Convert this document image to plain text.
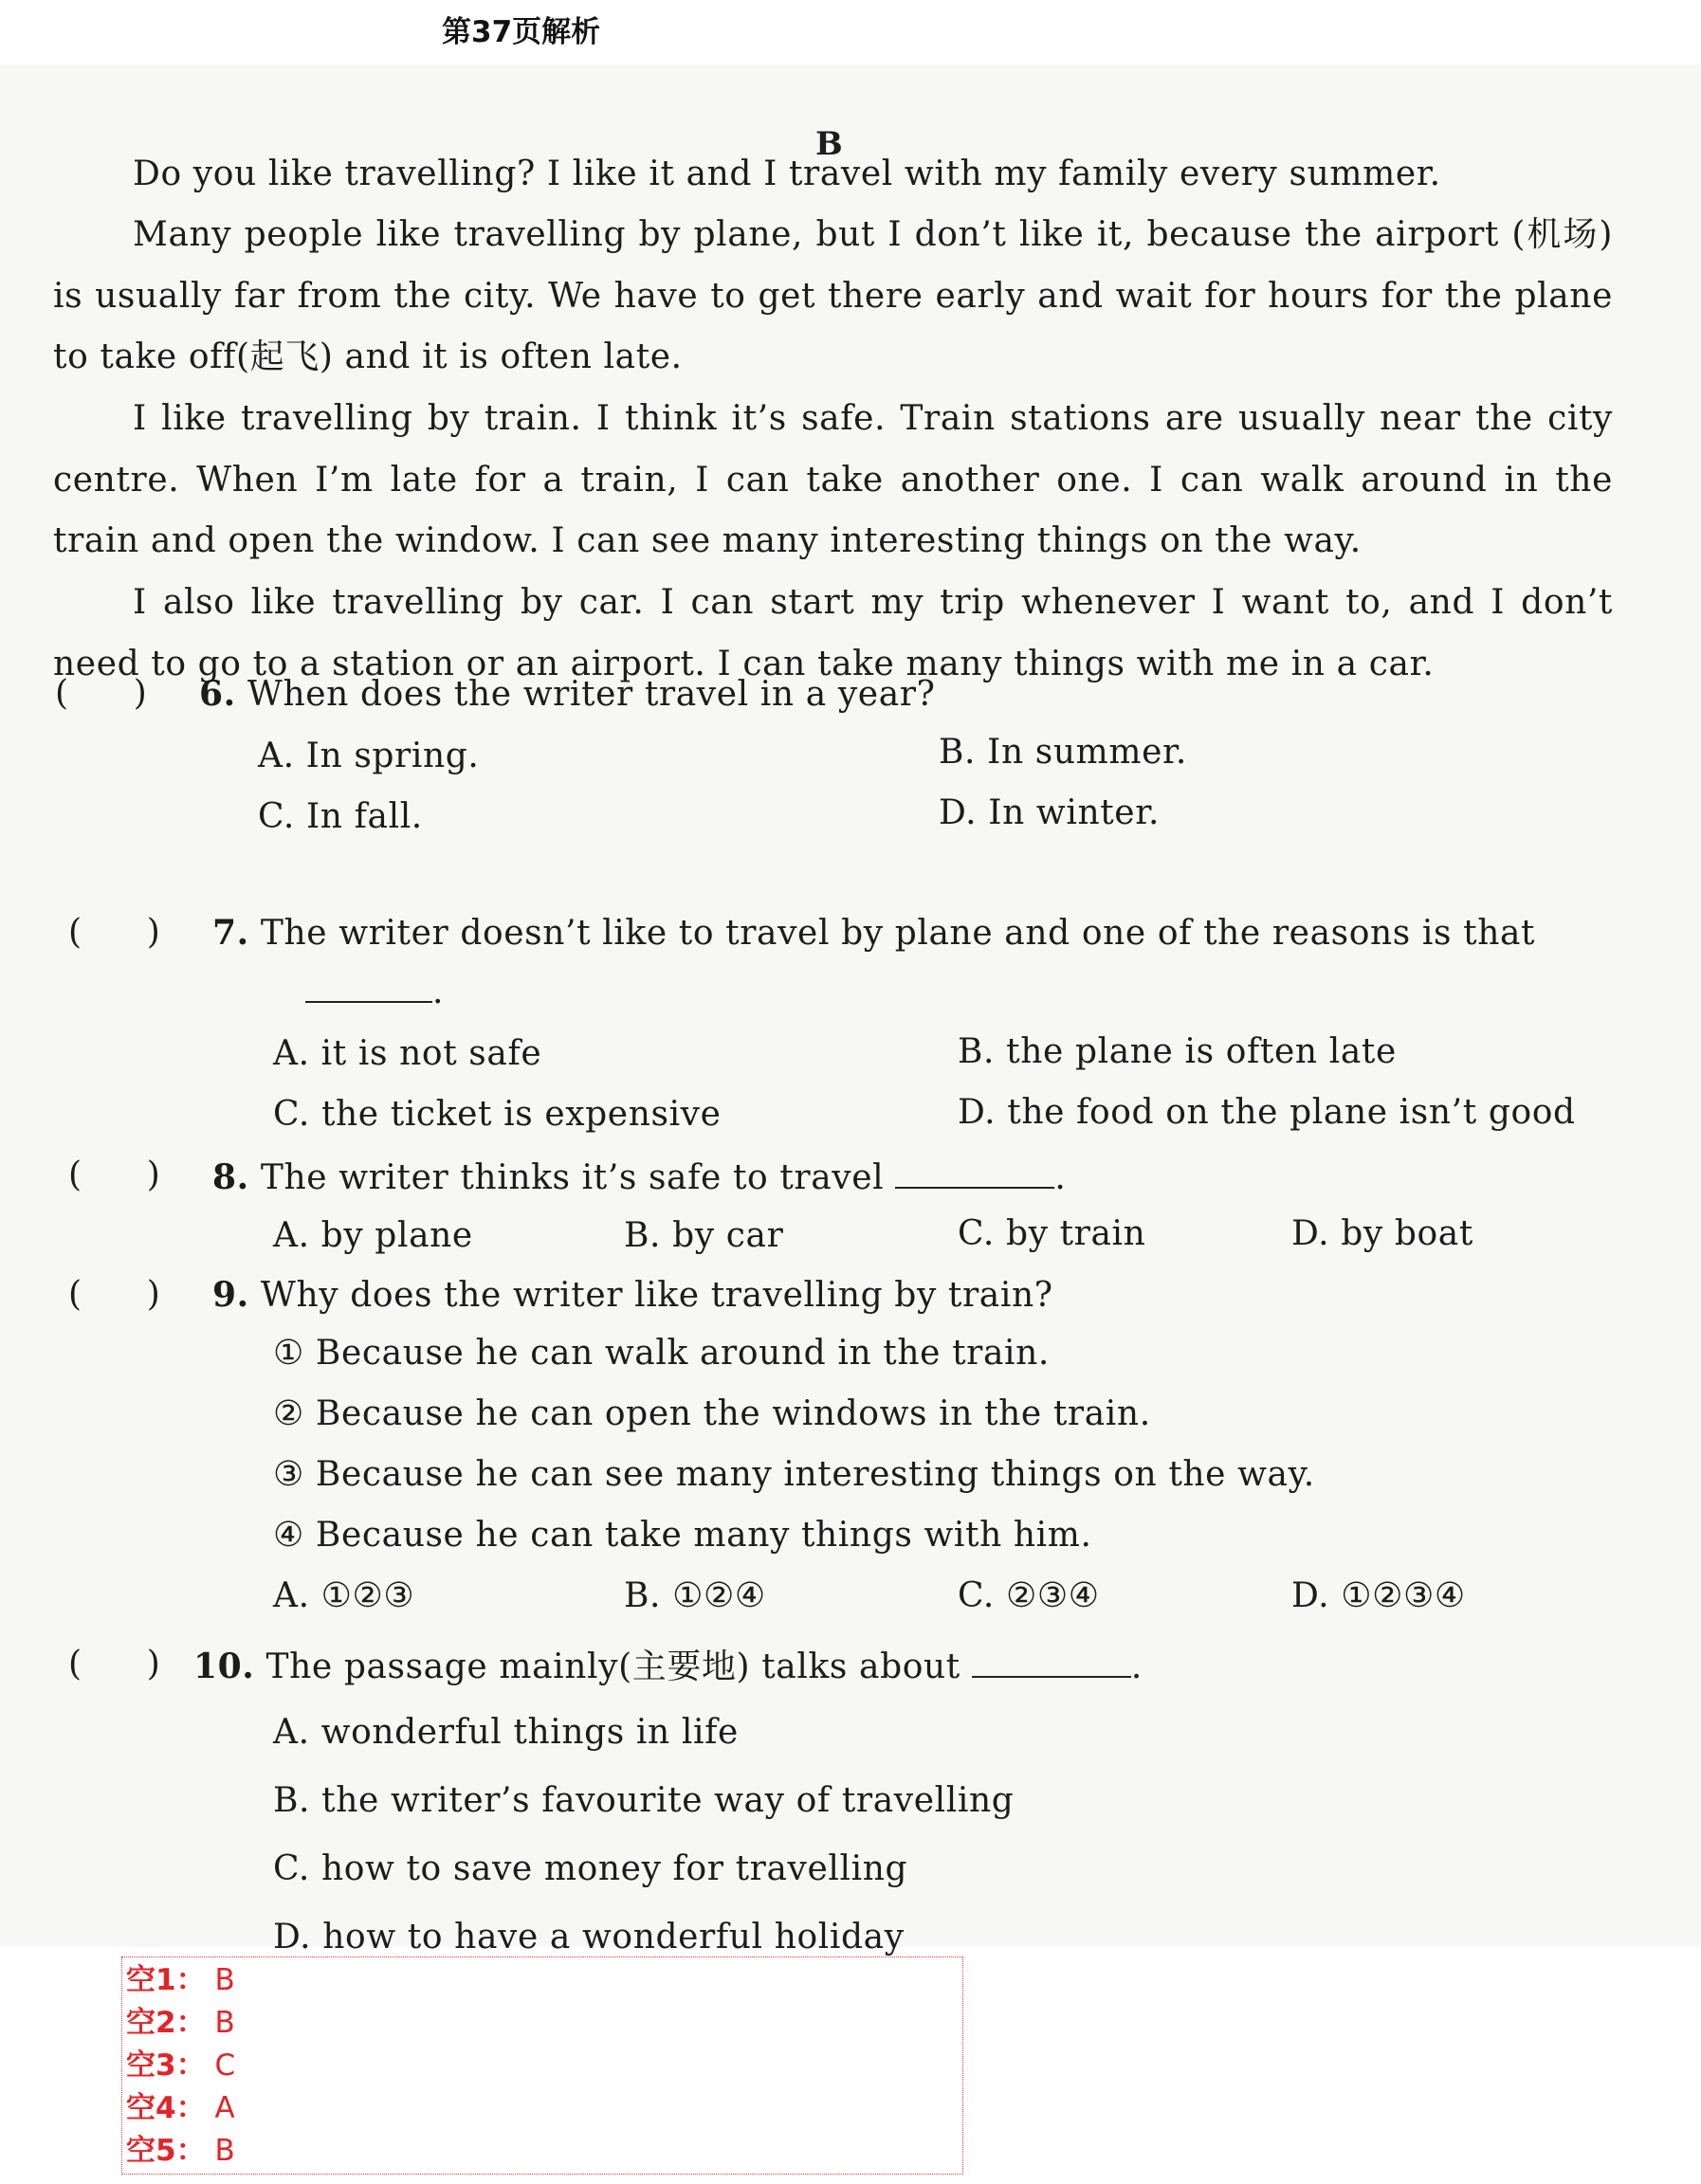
第37页解析
B
Do you like travelling? I like it and I travel with my family every summer.
Many people like travelling by plane, but I don’t like it, because the airport (机场) is usually far from the city. We have to get there early and wait for hours for the plane to take off(起飞) and it is often late.
I like travelling by train. I think it’s safe. Train stations are usually near the city centre. When I’m late for a train, I can take another one. I can walk around in the train and open the window. I can see many interesting things on the way.
I also like travelling by car. I can start my trip whenever I want to, and I don’t need to go to a station or an airport. I can take many things with me in a car.
(      ) 6. When does the writer travel in a year?
A. In spring.	B. In summer.
C. In fall.	D. In winter.
(      ) 7. The writer doesn’t like to travel by plane and one of the reasons is that
.
A. it is not safe	B. the plane is often late
C. the ticket is expensive	D. the food on the plane isn’t good
(      ) 8. The writer thinks it’s safe to travel	.
A. by plane	B. by car	C. by train	D. by boat
(      ) 9. Why does the writer like travelling by train?
① Because he can walk around in the train.
② Because he can open the windows in the train.
③ Because he can see many interesting things on the way.
④ Because he can take many things with him.
A. ①②③	B. ①②④	C. ②③④	D. ①②③④
(      ) 10. The passage mainly(主要地) talks about	.
A. wonderful things in life
B. the writer’s favourite way of travelling
C. how to save money for travelling
D. how to have a wonderful holiday
空1： B
空2： B
空3： C
空4： A
空5： B
